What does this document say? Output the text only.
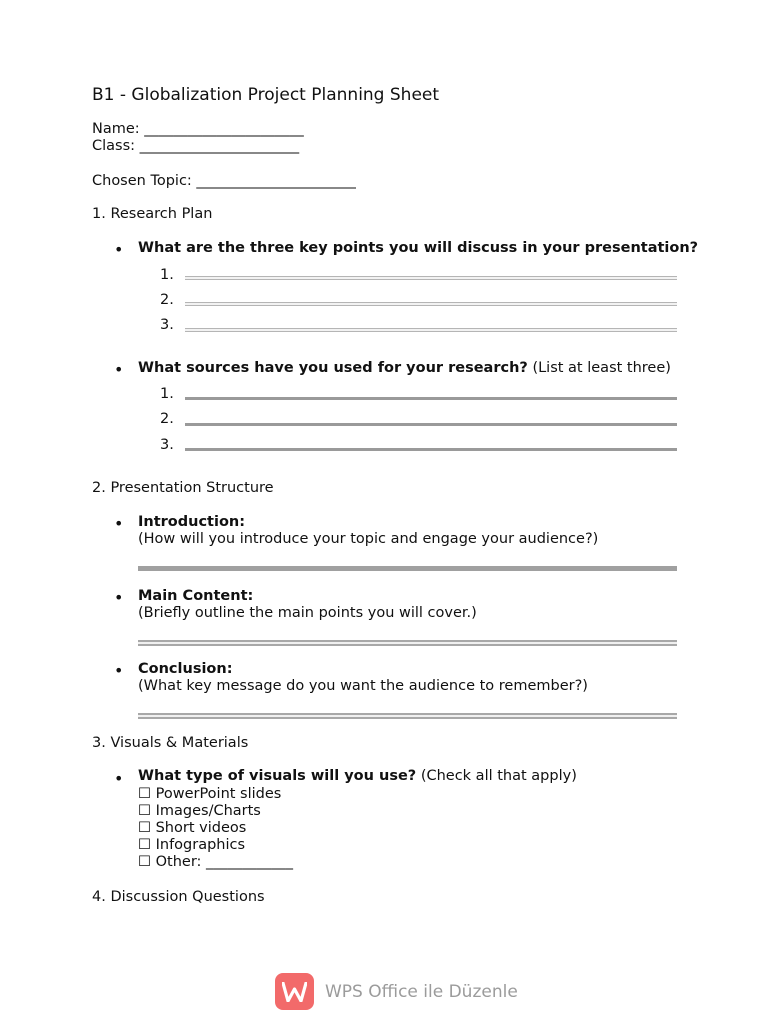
B1 - Globalization Project Planning Sheet
Name: ______________________
Class: ______________________
Chosen Topic: ______________________
1. Research Plan
• What are the three key points you will discuss in your presentation?
1.
2.
3.
• What sources have you used for your research? (List at least three)
1.
2.
3.
2. Presentation Structure
• Introduction:
(How will you introduce your topic and engage your audience?)
• Main Content:
(Briefly outline the main points you will cover.)
• Conclusion:
(What key message do you want the audience to remember?)
3. Visuals & Materials
• What type of visuals will you use? (Check all that apply)
☐ PowerPoint slides
☐ Images/Charts
☐ Short videos
☐ Infographics
☐ Other: ____________
4. Discussion Questions
WPS Office ile Düzenle
